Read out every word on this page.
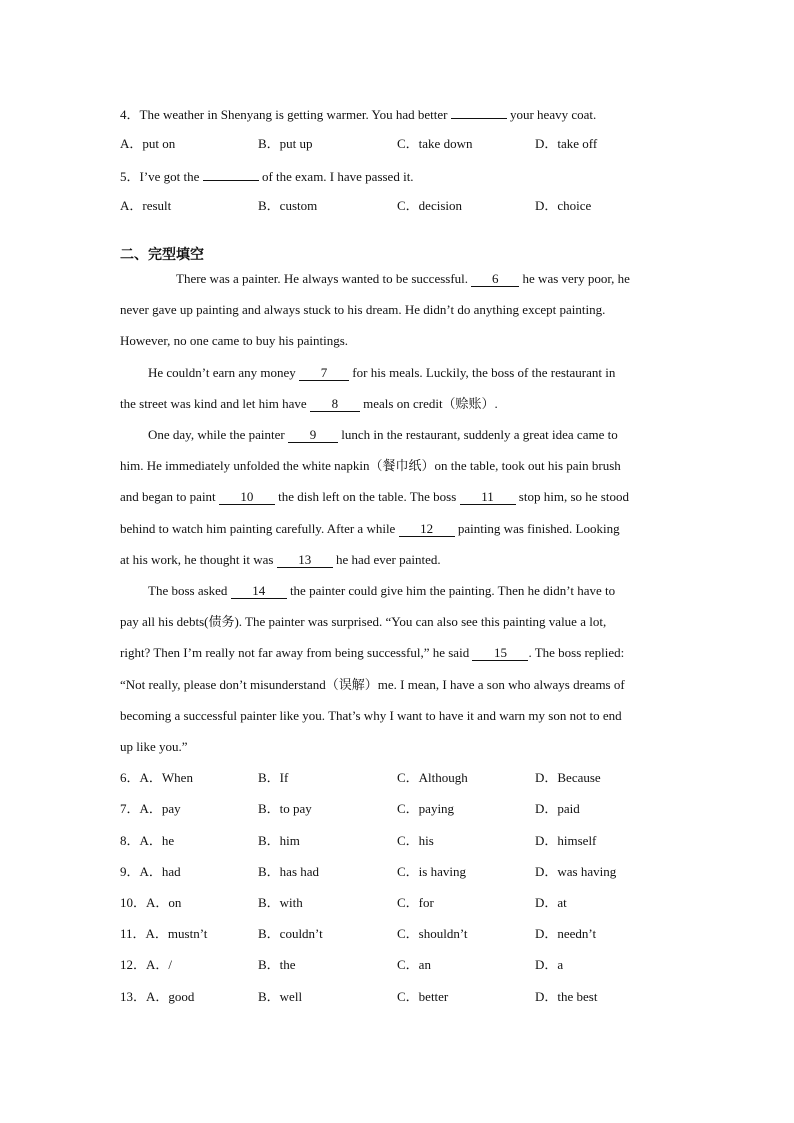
4．The weather in Shenyang is getting warmer. You had better	your heavy coat.
A．put on	B．put up	C．take down	D．take off
5．I’ve got the	of the exam. I have passed it.
A．result	B．custom	C．decision	D．choice
二、完型填空
There was a painter. He always wanted to be successful. 6 he was very poor, he
never gave up painting and always stuck to his dream. He didn’t do anything except painting.
However, no one came to buy his paintings.
He couldn’t earn any money 7 for his meals. Luckily, the boss of the restaurant in
the street was kind and let him have 8 meals on credit（赊账）.
One day, while the painter 9 lunch in the restaurant, suddenly a great idea came to
him. He immediately unfolded the white napkin（餐巾纸）on the table, took out his pain brush
and began to paint 10 the dish left on the table. The boss 11 stop him, so he stood
behind to watch him painting carefully. After a while 12 painting was finished. Looking
at his work, he thought it was 13 he had ever painted.
The boss asked 14 the painter could give him the painting. Then he didn’t have to
pay all his debts(债务). The painter was surprised. “You can also see this painting value a lot,
right? Then I’m really not far away from being successful,” he said 15 . The boss replied:
“Not really, please don’t misunderstand（误解）me. I mean, I have a son who always dreams of
becoming a successful painter like you. That’s why I want to have it and warn my son not to end
up like you.”
6．A．When	B．If	C．Although	D．Because
7．A．pay	B．to pay	C．paying	D．paid
8．A．he	B．him	C．his	D．himself
9．A．had	B．has had	C．is having	D．was having
10．A．on	B．with	C．for	D．at
11．A．mustn’t	B．couldn’t	C．shouldn’t	D．needn’t
12．A．/	B．the	C．an	D．a
13．A．good	B．well	C．better	D．the best
